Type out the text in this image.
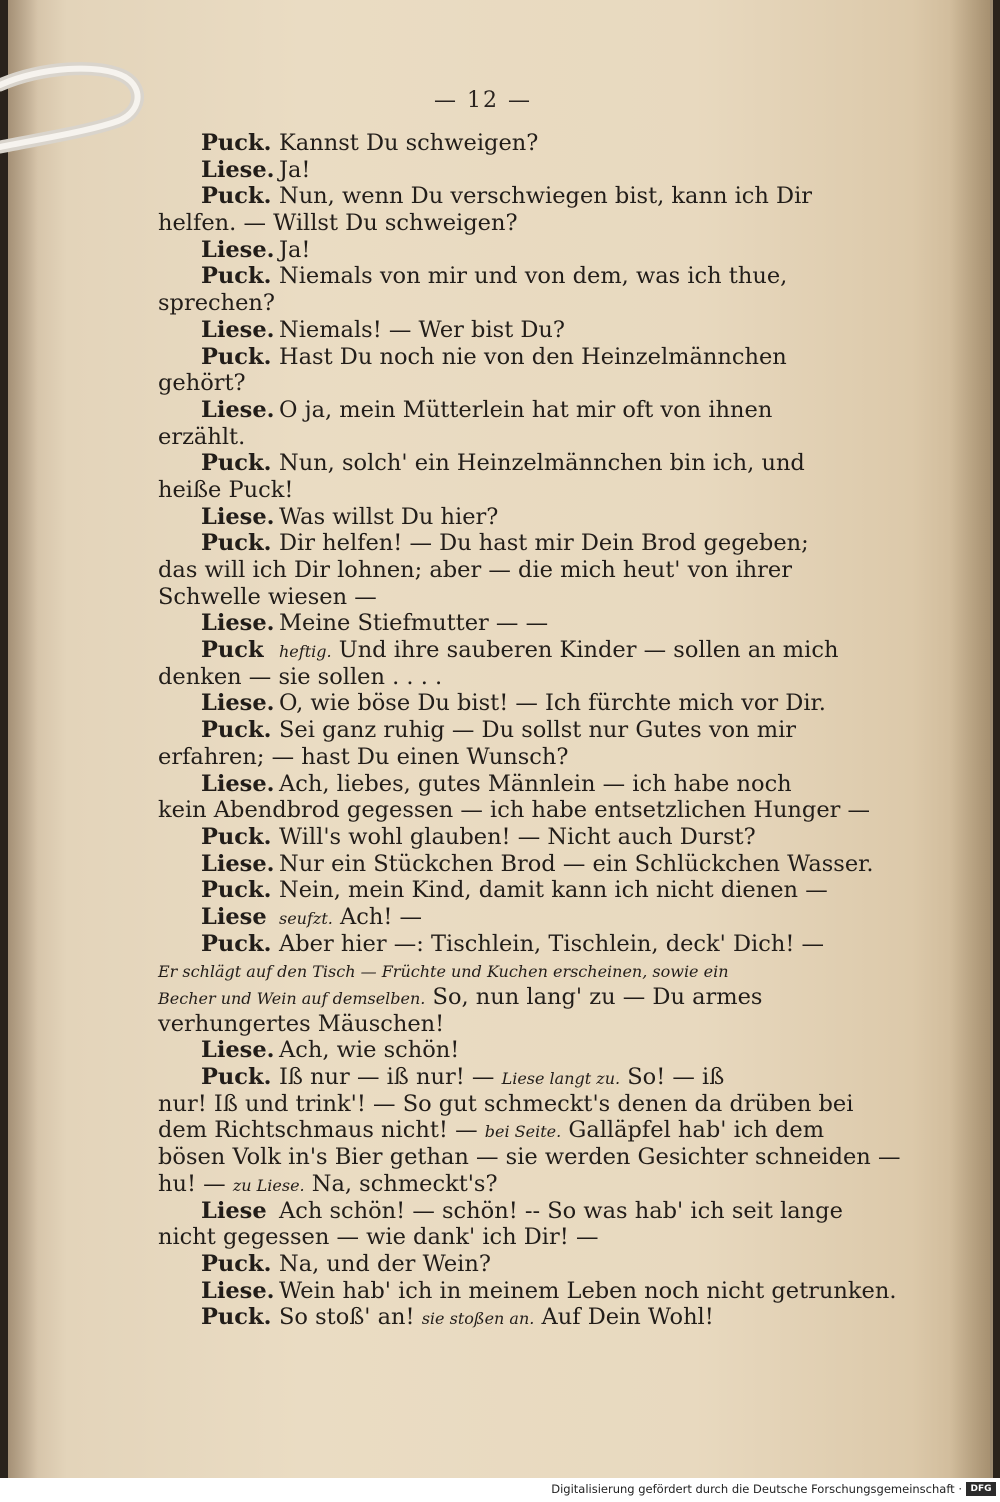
— 12 —
Puck. Kannst Du schweigen?
Liese. Ja!
Puck. Nun, wenn Du verschwiegen bist, kann ich Dir
helfen. — Willst Du schweigen?
Liese. Ja!
Puck. Niemals von mir und von dem, was ich thue,
sprechen?
Liese. Niemals! — Wer bist Du?
Puck. Hast Du noch nie von den Heinzelmännchen
gehört?
Liese. O ja, mein Mütterlein hat mir oft von ihnen
erzählt.
Puck. Nun, solch' ein Heinzelmännchen bin ich, und
heiße Puck!
Liese. Was willst Du hier?
Puck. Dir helfen! — Du hast mir Dein Brod gegeben;
das will ich Dir lohnen; aber — die mich heut' von ihrer
Schwelle wiesen —
Liese. Meine Stiefmutter — —
Puck heftig. Und ihre sauberen Kinder — sollen an mich
denken — sie sollen . . . .
Liese. O, wie böse Du bist! — Ich fürchte mich vor Dir.
Puck. Sei ganz ruhig — Du sollst nur Gutes von mir
erfahren; — hast Du einen Wunsch?
Liese. Ach, liebes, gutes Männlein — ich habe noch
kein Abendbrod gegessen — ich habe entsetzlichen Hunger —
Puck. Will's wohl glauben! — Nicht auch Durst?
Liese. Nur ein Stückchen Brod — ein Schlückchen Wasser.
Puck. Nein, mein Kind, damit kann ich nicht dienen —
Liese seufzt. Ach! —
Puck. Aber hier —: Tischlein, Tischlein, deck' Dich! —
Er schlägt auf den Tisch — Früchte und Kuchen erscheinen, sowie ein
Becher und Wein auf demselben. So, nun lang' zu — Du armes
verhungertes Mäuschen!
Liese. Ach, wie schön!
Puck. Iß nur — iß nur! — Liese langt zu. So! — iß
nur! Iß und trink'! — So gut schmeckt's denen da drüben bei
dem Richtschmaus nicht! — bei Seite. Galläpfel hab' ich dem
bösen Volk in's Bier gethan — sie werden Gesichter schneiden —
hu! — zu Liese. Na, schmeckt's?
Liese Ach schön! — schön! -- So was hab' ich seit lange
nicht gegessen — wie dank' ich Dir! —
Puck. Na, und der Wein?
Liese. Wein hab' ich in meinem Leben noch nicht getrunken.
Puck. So stoß' an! sie stoßen an. Auf Dein Wohl!
Digitalisierung gefördert durch die Deutsche Forschungsgemeinschaft · DFG
